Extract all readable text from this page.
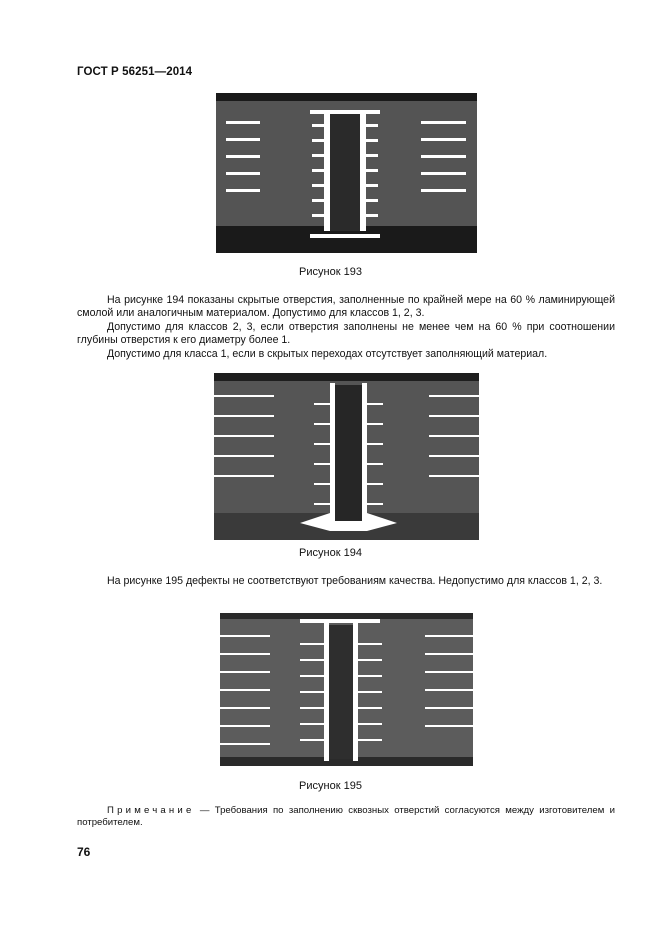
ГОСТ Р 56251—2014
Рисунок 193

На рисунке 194 показаны скрытые отверстия, заполненные по крайней мере на 60 % ламинирующей смолой или аналогичным материалом. Допустимо для классов 1, 2, 3.

Допустимо для классов 2, 3, если отверстия заполнены не менее чем на 60 % при соотношении глубины отверстия к его диаметру более 1.

Допустимо для класса 1, если в скрытых переходах отсутствует заполняющий материал.

Рисунок 194

На рисунке 195 дефекты не соответствуют требованиям качества. Недопустимо для классов 1, 2, 3.

Рисунок 195
Примечание — Требования по заполнению сквозных отверстий согласуются между изготовителем и потребителем.
76
